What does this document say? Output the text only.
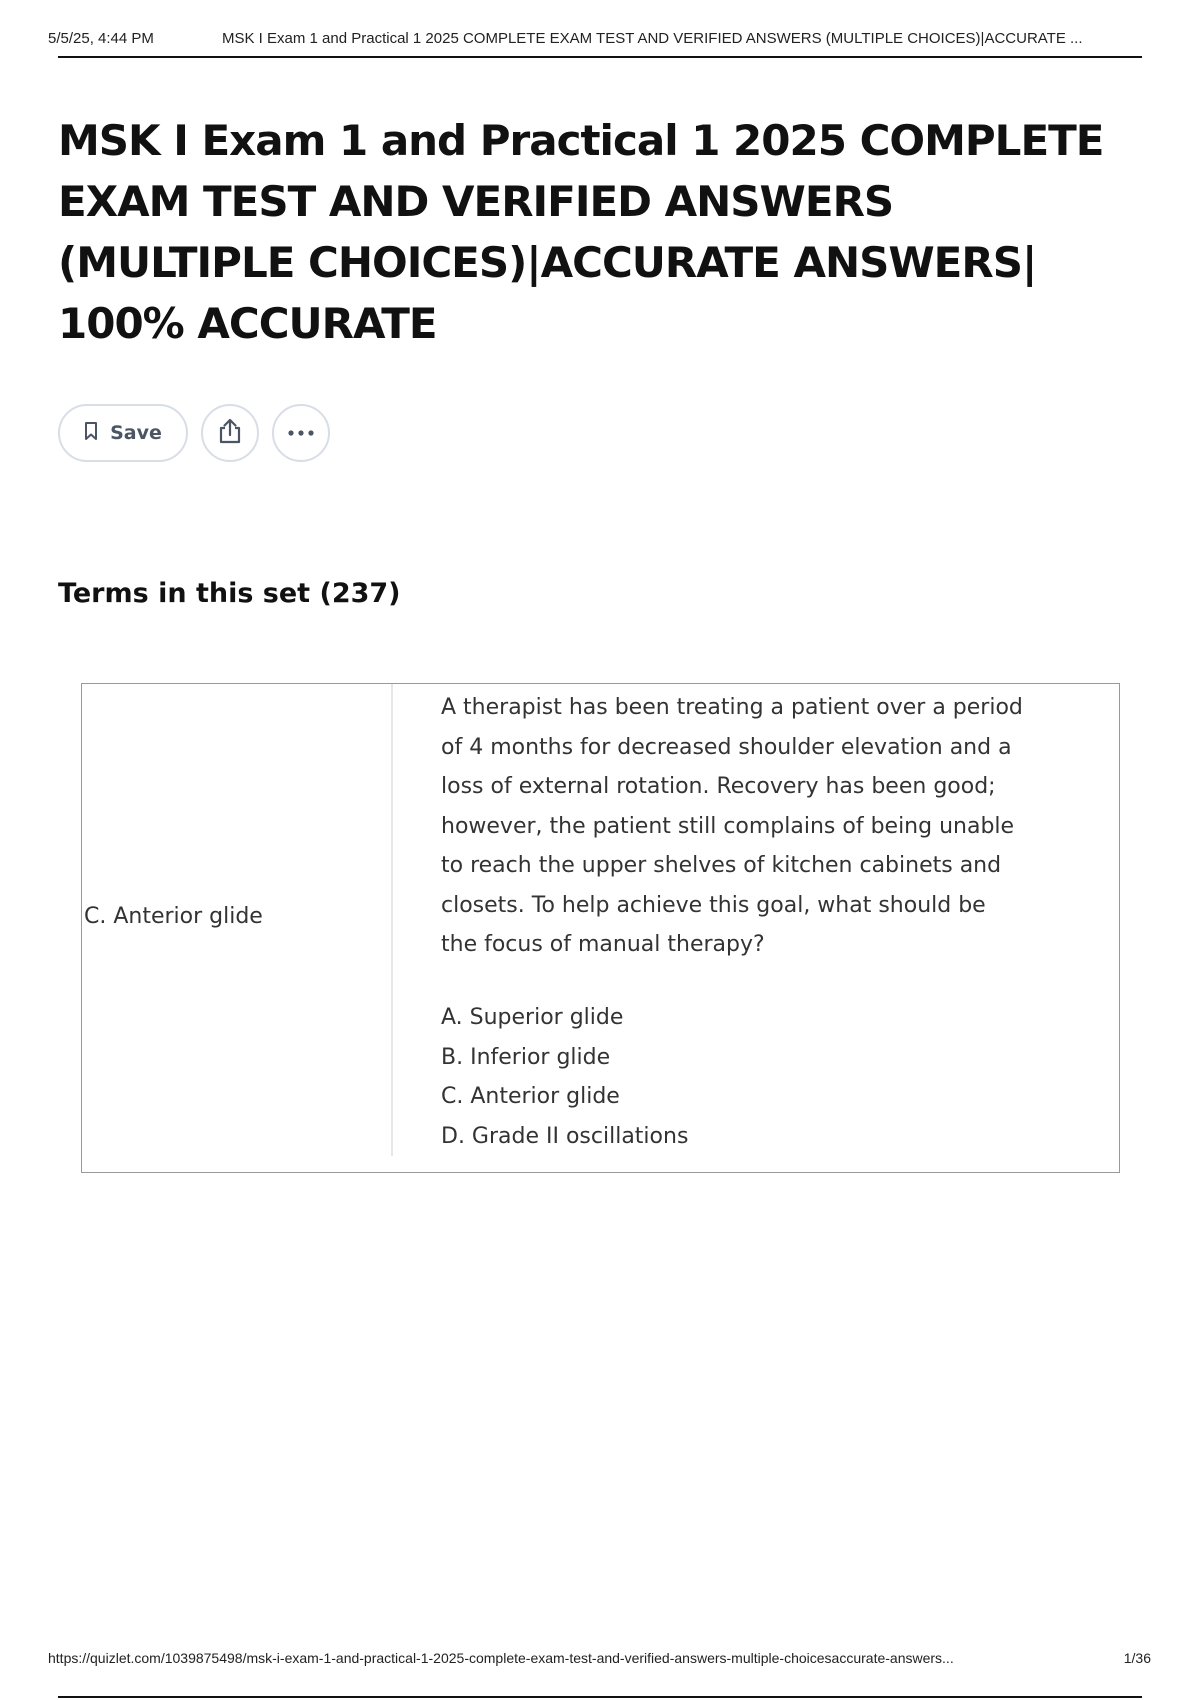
5/5/25, 4:44 PM	MSK I Exam 1 and Practical 1 2025 COMPLETE EXAM TEST AND VERIFIED ANSWERS (MULTIPLE CHOICES)|ACCURATE ...
MSK I Exam 1 and Practical 1 2025 COMPLETE EXAM TEST AND VERIFIED ANSWERS (MULTIPLE CHOICES)|ACCURATE ANSWERS| 100% ACCURATE
Save
Terms in this set (237)
C. Anterior glide
A therapist has been treating a patient over a period of 4 months for decreased shoulder elevation and a loss of external rotation. Recovery has been good; however, the patient still complains of being unable to reach the upper shelves of kitchen cabinets and closets. To help achieve this goal, what should be the focus of manual therapy?
A. Superior glide
B. Inferior glide
C. Anterior glide
D. Grade II oscillations
https://quizlet.com/1039875498/msk-i-exam-1-and-practical-1-2025-complete-exam-test-and-verified-answers-multiple-choicesaccurate-answers...	1/36
